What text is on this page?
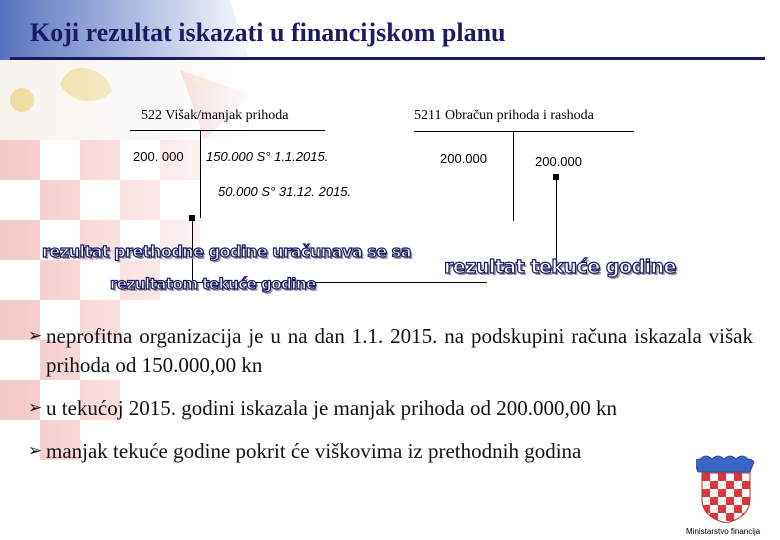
Koji rezultat iskazati u financijskom planu
522 Višak/manjak prihoda
200. 000 150.000 S° 1.1.2015.
50.000 S° 31.12. 2015.
5211 Obračun prihoda i rashoda
200.000	200.000
rezultat prethodne godine uračunava se sa
rezultatom tekuće godine
rezultat tekuće godine
➢ neprofitna organizacija je u na dan 1.1. 2015. na podskupini računa iskazala višak prihoda od 150.000,00 kn
➢ u tekućoj 2015. godini iskazala je manjak prihoda od 200.000,00 kn
➢ manjak tekuće godine pokrit će viškovima iz prethodnih godina
Ministarstvo financija
